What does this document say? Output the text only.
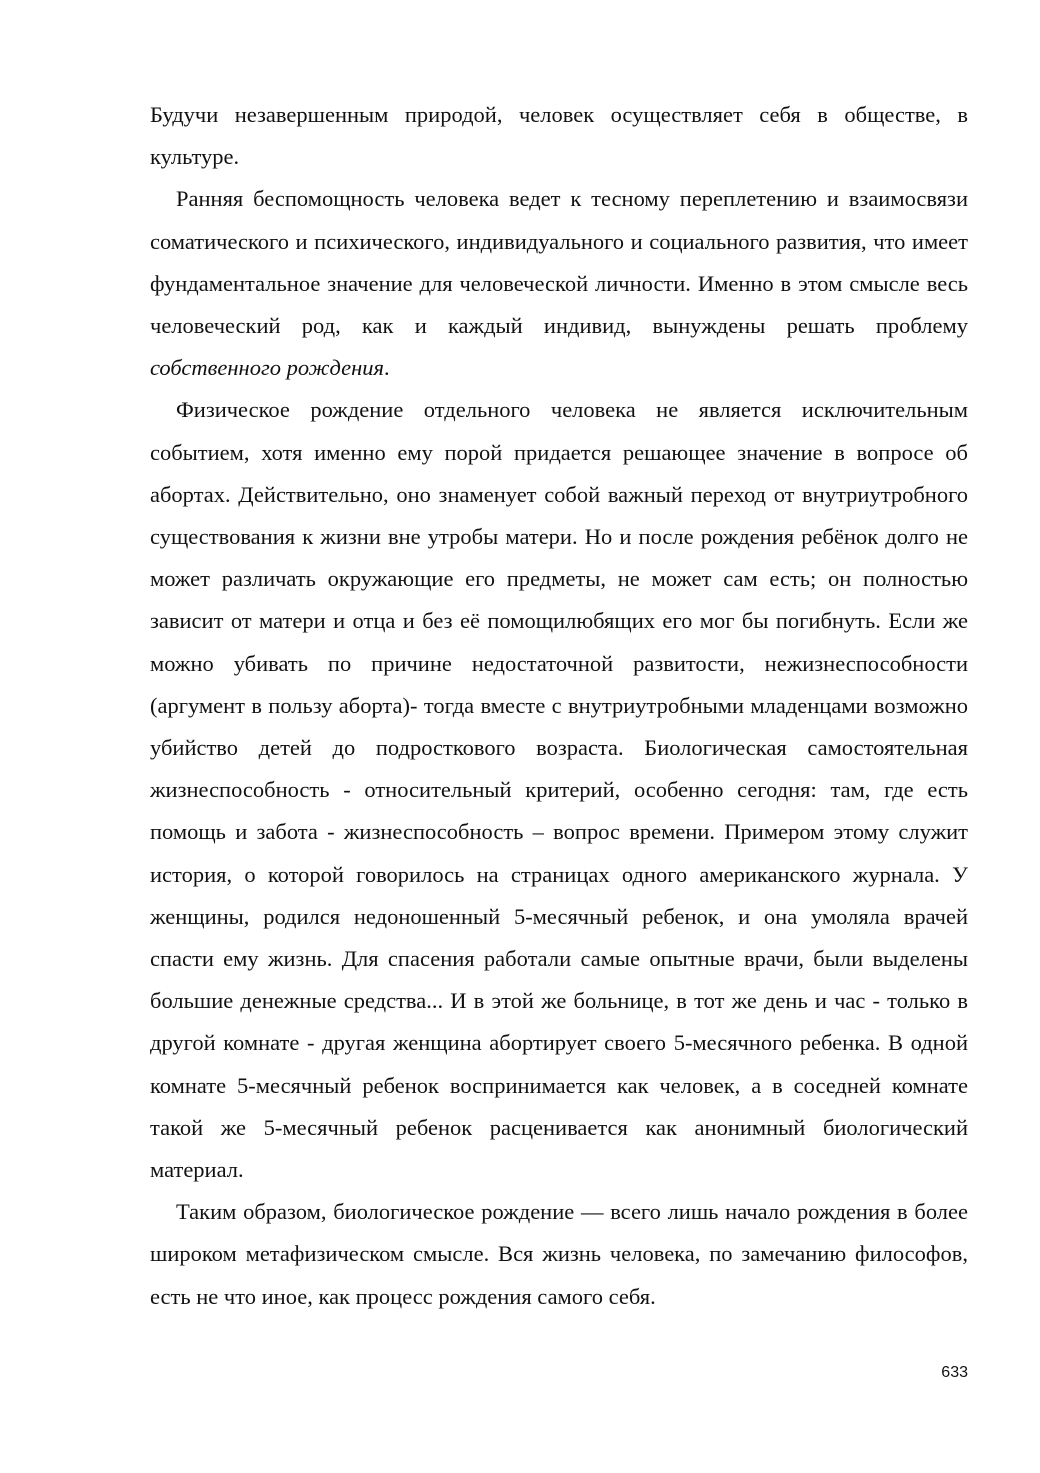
Будучи незавершенным природой, человек осуществляет себя в обществе, в культуре.

Ранняя беспомощность человека ведет к тесному переплетению и взаимосвязи соматического и психического, индивидуального и социального развития, что имеет фундаментальное значение для человеческой личности. Именно в этом смысле весь человеческий род, как и каждый индивид, вынуждены решать проблему собственного рождения.

Физическое рождение отдельного человека не является исключительным событием, хотя именно ему порой придается решающее значение в вопросе об абортах. Действительно, оно знаменует собой важный переход от внутриутробного существования к жизни вне утробы матери. Но и после рождения ребёнок долго не может различать окружающие его предметы, не может сам есть; он полностью зависит от матери и отца и без её помощилюбящих его мог бы погибнуть. Если же можно убивать по причине недостаточной развитости, нежизнеспособности (аргумент в пользу аборта)- тогда вместе с внутриутробными младенцами возможно убийство детей до подросткового возраста. Биологическая самостоятельная жизнеспособность - относительный критерий, особенно сегодня: там, где есть помощь и забота - жизнеспособность – вопрос времени. Примером этому служит история, о которой говорилось на страницах одного американского журнала. У женщины, родился недоношенный 5-месячный ребенок, и она умоляла врачей спасти ему жизнь. Для спасения работали самые опытные врачи, были выделены большие денежные средства... И в этой же больнице, в тот же день и час - только в другой комнате - другая женщина абортирует своего 5-месячного ребенка. В одной комнате 5-месячный ребенок воспринимается как человек, а в соседней комнате такой же 5-месячный ребенок расценивается как анонимный биологический материал.

Таким образом, биологическое рождение — всего лишь начало рождения в более широком метафизическом смысле. Вся жизнь человека, по замечанию философов, есть не что иное, как процесс рождения самого себя.

633
